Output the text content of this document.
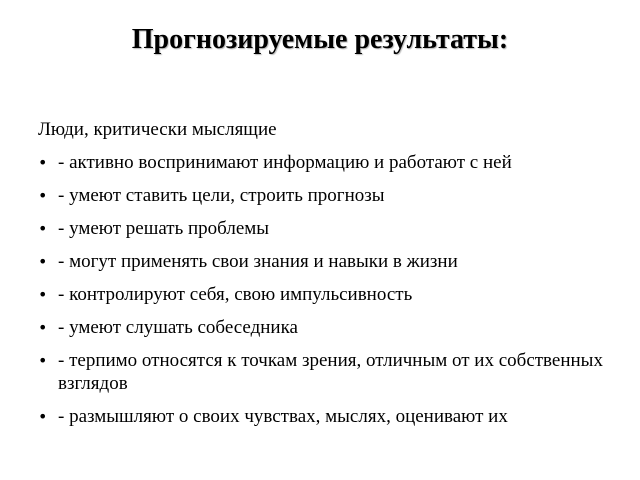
Прогнозируемые результаты:

Люди, критически мыслящие

• - активно воспринимают информацию и работают с ней
• - умеют ставить цели, строить прогнозы
• - умеют решать проблемы
• - могут применять свои знания и навыки в жизни
• - контролируют себя, свою импульсивность
• - умеют слушать собеседника
• - терпимо относятся к точкам зрения, отличным от их собственных взглядов
• - размышляют о своих чувствах, мыслях, оценивают их
